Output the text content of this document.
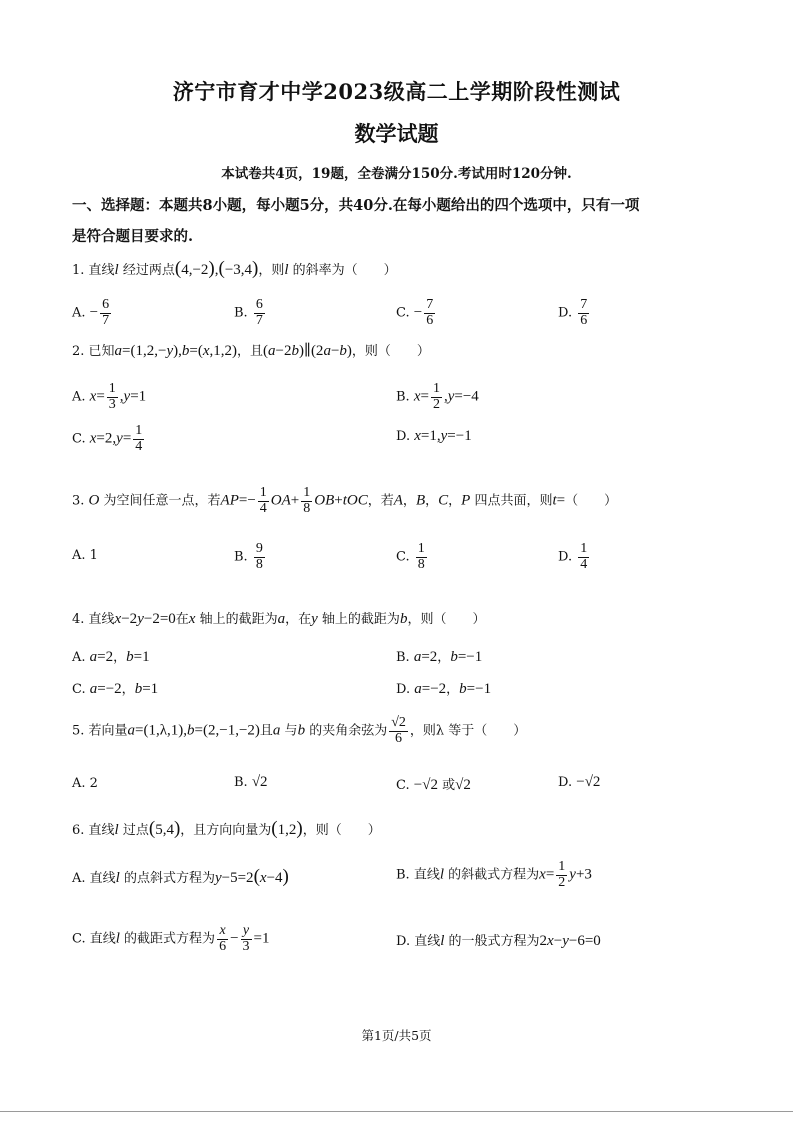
济宁市育才中学2023级高二上学期阶段性测试
数学试题
本试卷共4页，19题，全卷满分150分.考试用时120分钟.
一、选择题：本题共8小题，每小题5分，共40分.在每小题给出的四个选项中，只有一项
是符合题目要求的.
1. 直线l 经过两点(4,−2),(−3,4)，则l 的斜率为（　　）
A. − $\frac{6}{7}$	B. $\frac{6}{7}$	C. − $\frac{7}{6}$	D. $\frac{7}{6}$
2. 已知a=(1,2,−y),b=(x,1,2)，且(a−2b)∥(2a−b)，则（　　）
A. $x= \frac{1}{3} ,y=1$	B. $x= \frac{1}{2} ,y=-4$
C. $x=2,y= \frac{1}{4}$	D. x=1,y=−1
3. O 为空间任意一点，若$AP=- \frac{1}{4} OA+ \frac{1}{8} OB+tOC$，若A，B，C，P 四点共面，则t=（　　）
A. 1	B. $\frac{9}{8}$	C. $\frac{1}{8}$	D. $\frac{1}{4}$
4. 直线x−2y−2=0在x 轴上的截距为a，在y 轴上的截距为b，则（　　）
A. a=2，b=1	B. a=2，b=−1
C. a=−2，b=1	D. a=−2，b=−1
5. 若向量a=(1,λ,1),b=(2,−1,−2)且a 与b 的夹角余弦为 $\frac{√2}{6}$ ，则λ 等于（　　）
A. 2	B. √2	C. −√2 或√2	D. −√2
6. 直线l 过点(5,4)，且方向向量为(1,2)，则（　　）
A. 直线l 的点斜式方程为y−5=2(x−4)	B. 直线l 的斜截式方程为$x= \frac{1}{2} y+3$
C. 直线l 的截距式方程为 $\frac{x}{6} - \frac{y}{3} =1$	D. 直线l 的一般式方程为2x−y−6=0
第1页/共5页
